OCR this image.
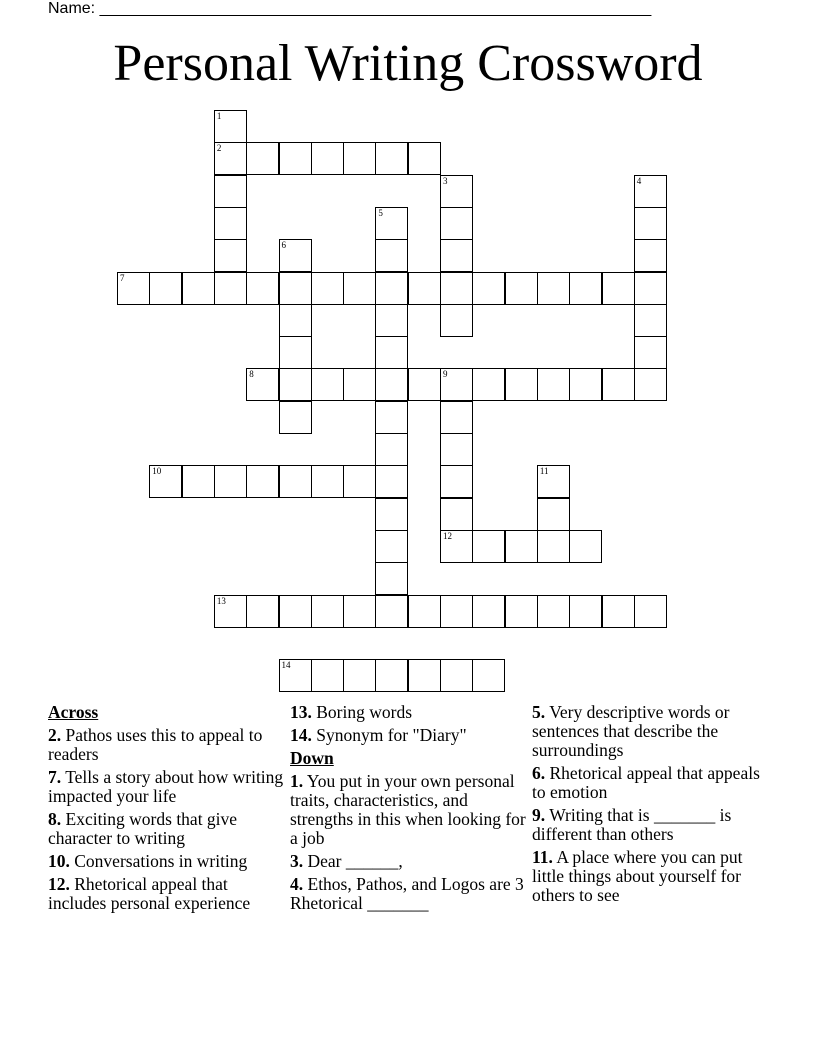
Name: ______________________________________________________________
Personal Writing Crossword
2
7
8	9
10
12
13
14
1
3	4
5
6
11
Across
2. Pathos uses this to appeal to readers
7. Tells a story about how writing impacted your life
8. Exciting words that give character to writing
10. Conversations in writing
12. Rhetorical appeal that includes personal experience
13. Boring words
14. Synonym for "Diary"
Down
1. You put in your own personal traits, characteristics, and strengths in this when looking for a job
3. Dear ______,
4. Ethos, Pathos, and Logos are 3 Rhetorical _______
5. Very descriptive words or sentences that describe the surroundings
6. Rhetorical appeal that appeals to emotion
9. Writing that is _______ is different than others
11. A place where you can put little things about yourself for others to see
